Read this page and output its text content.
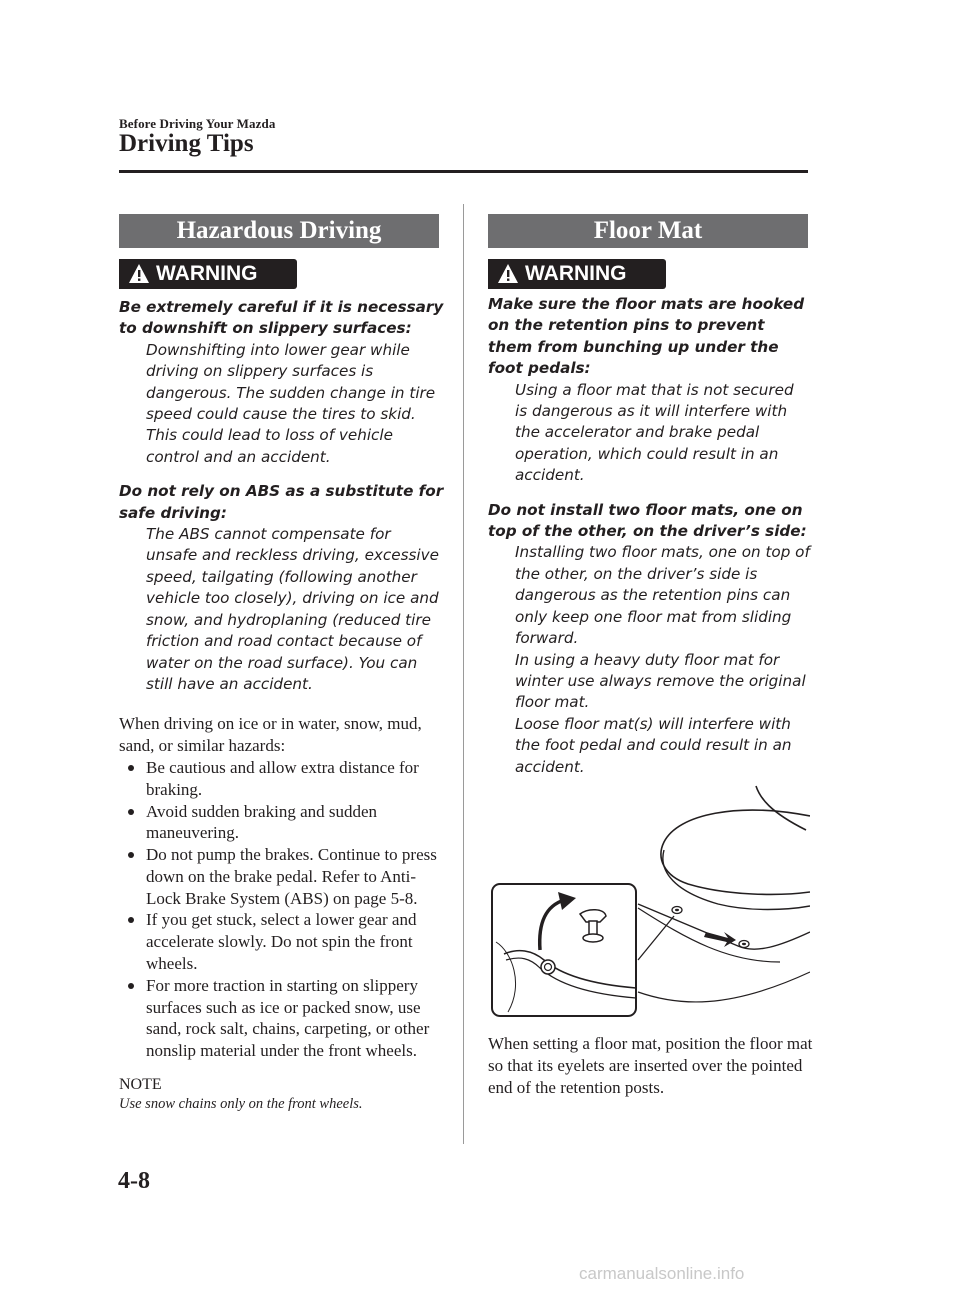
Before Driving Your Mazda
Driving Tips
Hazardous Driving
WARNING

Be extremely careful if it is necessary to downshift on slippery surfaces:

Downshifting into lower gear while driving on slippery surfaces is dangerous. The sudden change in tire speed could cause the tires to skid. This could lead to loss of vehicle control and an accident.

Do not rely on ABS as a substitute for safe driving:

The ABS cannot compensate for unsafe and reckless driving, excessive speed, tailgating (following another vehicle too closely), driving on ice and snow, and hydroplaning (reduced tire friction and road contact because of water on the road surface). You can still have an accident.

When driving on ice or in water, snow, mud, sand, or similar hazards:

Be cautious and allow extra distance for braking.
Avoid sudden braking and sudden maneuvering.
Do not pump the brakes. Continue to press down on the brake pedal. Refer to Anti-Lock Brake System (ABS) on page 5-8.
If you get stuck, select a lower gear and accelerate slowly. Do not spin the front wheels.
For more traction in starting on slippery surfaces such as ice or packed snow, use sand, rock salt, chains, carpeting, or other nonslip material under the front wheels.

NOTE

Use snow chains only on the front wheels.

Floor Mat
WARNING

Make sure the floor mats are hooked on the retention pins to prevent them from bunching up under the foot pedals:

Using a floor mat that is not secured is dangerous as it will interfere with the accelerator and brake pedal operation, which could result in an accident.

Do not install two floor mats, one on top of the other, on the driver’s side:

Installing two floor mats, one on top of the other, on the driver’s side is dangerous as the retention pins can only keep one floor mat from sliding forward.

In using a heavy duty floor mat for winter use always remove the original floor mat.

Loose floor mat(s) will interfere with the foot pedal and could result in an accident.

When setting a floor mat, position the floor mat so that its eyelets are inserted over the pointed end of the retention posts.

4-8
carmanualsonline.info
